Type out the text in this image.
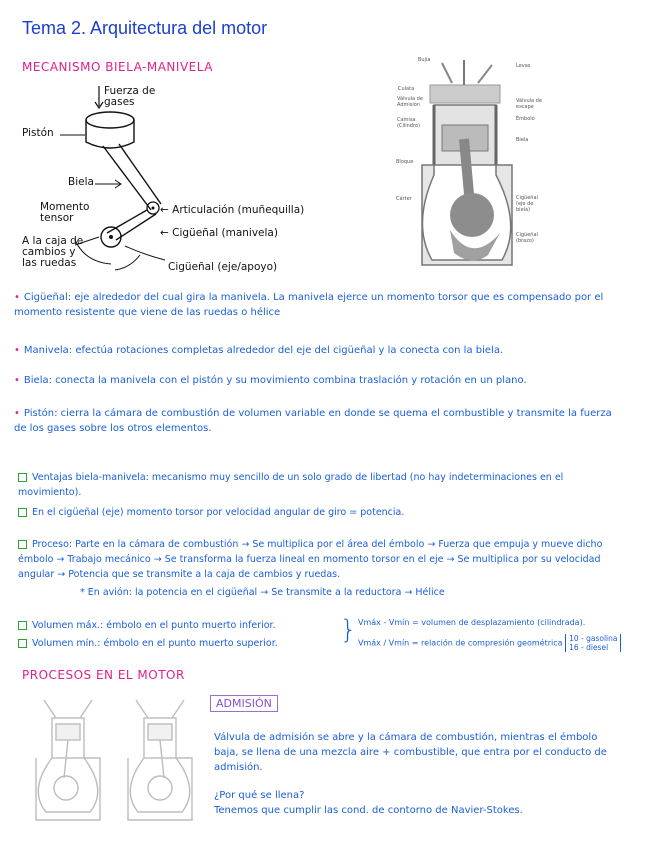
Tema 2. Arquitectura del motor
MECANISMO BIELA-MANIVELA
Fuerza de gases
Pistón
Biela
Momento tensor
← Articulación (muñequilla)
← Cigüeñal (manivela)
A la caja de cambios y las ruedas	Cigüeñal (eje/apoyo)
Bujía
Levas
Culata
Válvula de Admisión
Válvula de escape
Camisa (Cilindro)
Émbolo
Biela
Bloque
Cárter	Cigüeñal (eje de biela)
Cigüeñal (brazo)
• Cigüeñal: eje alrededor del cual gira la manivela. La manivela ejerce un momento torsor que es compensado por el momento resistente que viene de las ruedas o hélice
• Manivela: efectúa rotaciones completas alrededor del eje del cigüeñal y la conecta con la biela.
• Biela: conecta la manivela con el pistón y su movimiento combina traslación y rotación en un plano.
• Pistón: cierra la cámara de combustión de volumen variable en donde se quema el combustible y transmite la fuerza de los gases sobre los otros elementos.
Ventajas biela-manivela: mecanismo muy sencillo de un solo grado de libertad (no hay indeterminaciones en el movimiento).
En el cigüeñal (eje) momento torsor por velocidad angular de giro = potencia.
Proceso: Parte en la cámara de combustión → Se multiplica por el área del émbolo → Fuerza que empuja y mueve dicho émbolo → Trabajo mecánico → Se transforma la fuerza lineal en momento torsor en el eje → Se multiplica por su velocidad angular → Potencia que se transmite a la caja de cambios y ruedas.
* En avión: la potencia en el cigüeñal → Se transmite a la reductora → Hélice
Volumen máx.: émbolo en el punto muerto inferior.
Volumen mín.: émbolo en el punto muerto superior.	} Vmáx - Vmín = volumen de desplazamiento (cilindrada).
Vmáx / Vmín = relación de compresión geométrica 10 - gasolina
16 - diesel
PROCESOS EN EL MOTOR
ADMISIÓN
Válvula de admisión se abre y la cámara de combustión, mientras el émbolo baja, se llena de una mezcla aire + combustible, que entra por el conducto de admisión.
¿Por qué se llena?
Tenemos que cumplir las cond. de contorno de Navier-Stokes.
